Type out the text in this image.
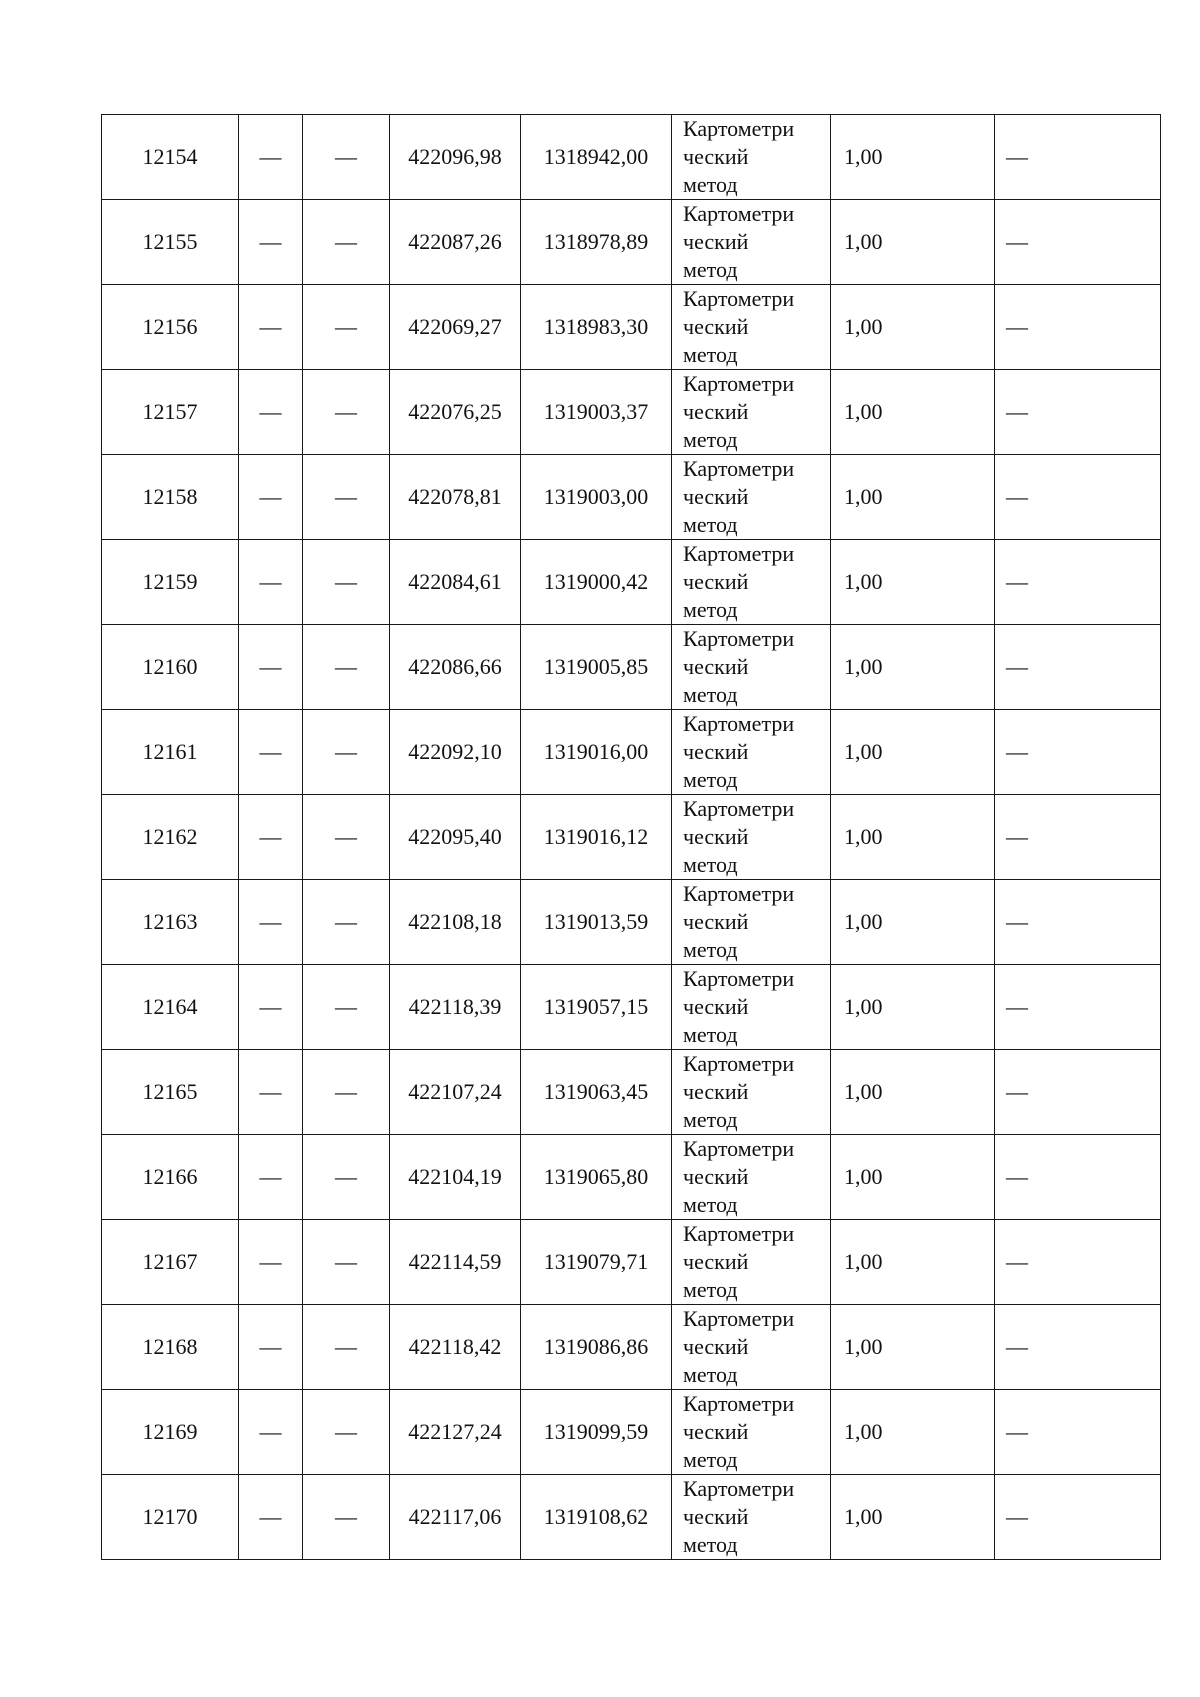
12154	—	—	422096,98	1318942,00	Картометри
ческий
метод	1,00	—
12155	—	—	422087,26	1318978,89	Картометри
ческий
метод	1,00	—
12156	—	—	422069,27	1318983,30	Картометри
ческий
метод	1,00	—
12157	—	—	422076,25	1319003,37	Картометри
ческий
метод	1,00	—
12158	—	—	422078,81	1319003,00	Картометри
ческий
метод	1,00	—
12159	—	—	422084,61	1319000,42	Картометри
ческий
метод	1,00	—
12160	—	—	422086,66	1319005,85	Картометри
ческий
метод	1,00	—
12161	—	—	422092,10	1319016,00	Картометри
ческий
метод	1,00	—
12162	—	—	422095,40	1319016,12	Картометри
ческий
метод	1,00	—
12163	—	—	422108,18	1319013,59	Картометри
ческий
метод	1,00	—
12164	—	—	422118,39	1319057,15	Картометри
ческий
метод	1,00	—
12165	—	—	422107,24	1319063,45	Картометри
ческий
метод	1,00	—
12166	—	—	422104,19	1319065,80	Картометри
ческий
метод	1,00	—
12167	—	—	422114,59	1319079,71	Картометри
ческий
метод	1,00	—
12168	—	—	422118,42	1319086,86	Картометри
ческий
метод	1,00	—
12169	—	—	422127,24	1319099,59	Картометри
ческий
метод	1,00	—
12170	—	—	422117,06	1319108,62	Картометри
ческий
метод	1,00	—
